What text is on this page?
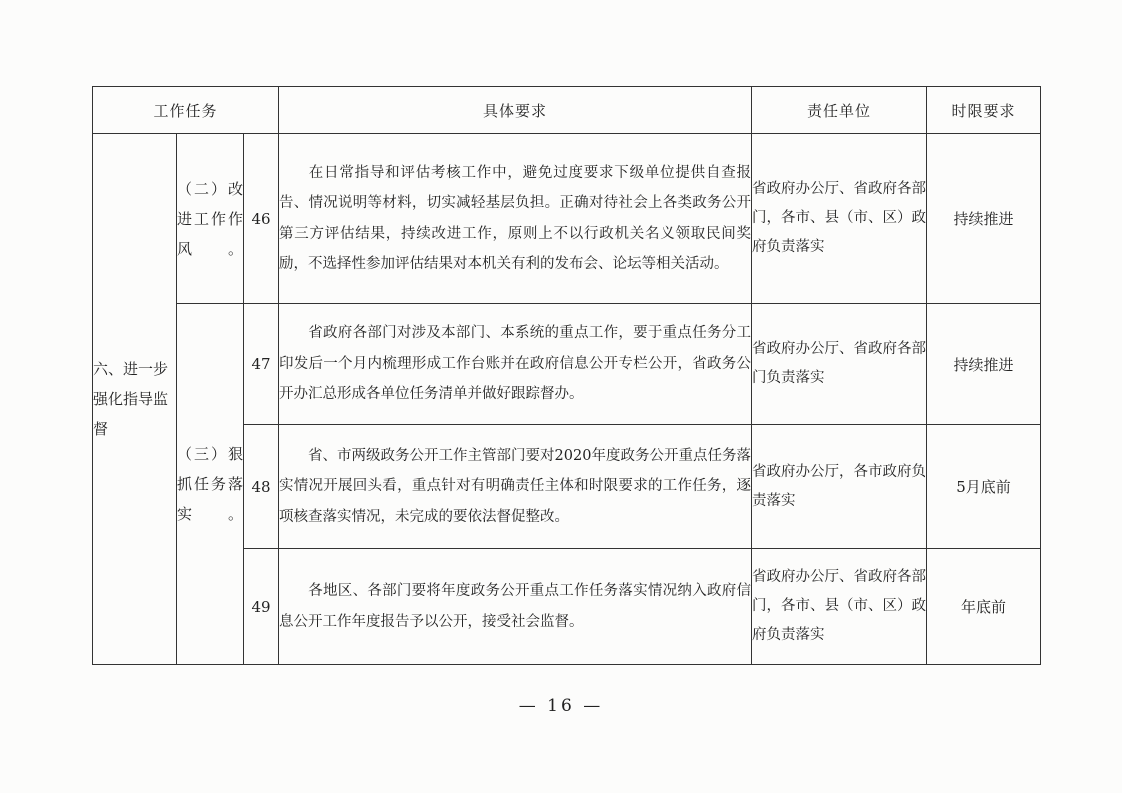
工作任务			具体要求	责任单位	时限要求
六、进一步强化指导监督	（二）改进工作作风。	46	在日常指导和评估考核工作中，避免过度要求下级单位提供自查报告、情况说明等材料，切实减轻基层负担。正确对待社会上各类政务公开第三方评估结果，持续改进工作，原则上不以行政机关名义领取民间奖励，不选择性参加评估结果对本机关有利的发布会、论坛等相关活动。	省政府办公厅、省政府各部门，各市、县（市、区）政府负责落实	持续推进
	（三）狠抓任务落实。	47	省政府各部门对涉及本部门、本系统的重点工作，要于重点任务分工印发后一个月内梳理形成工作台账并在政府信息公开专栏公开，省政务公开办汇总形成各单位任务清单并做好跟踪督办。	省政府办公厅、省政府各部门负责落实	持续推进
		48	省、市两级政务公开工作主管部门要对2020年度政务公开重点任务落实情况开展回头看，重点针对有明确责任主体和时限要求的工作任务，逐项核查落实情况，未完成的要依法督促整改。	省政府办公厅，各市政府负责落实	5月底前
		49	各地区、各部门要将年度政务公开重点工作任务落实情况纳入政府信息公开工作年度报告予以公开，接受社会监督。	省政府办公厅、省政府各部门，各市、县（市、区）政府负责落实	年底前
— 16 —
